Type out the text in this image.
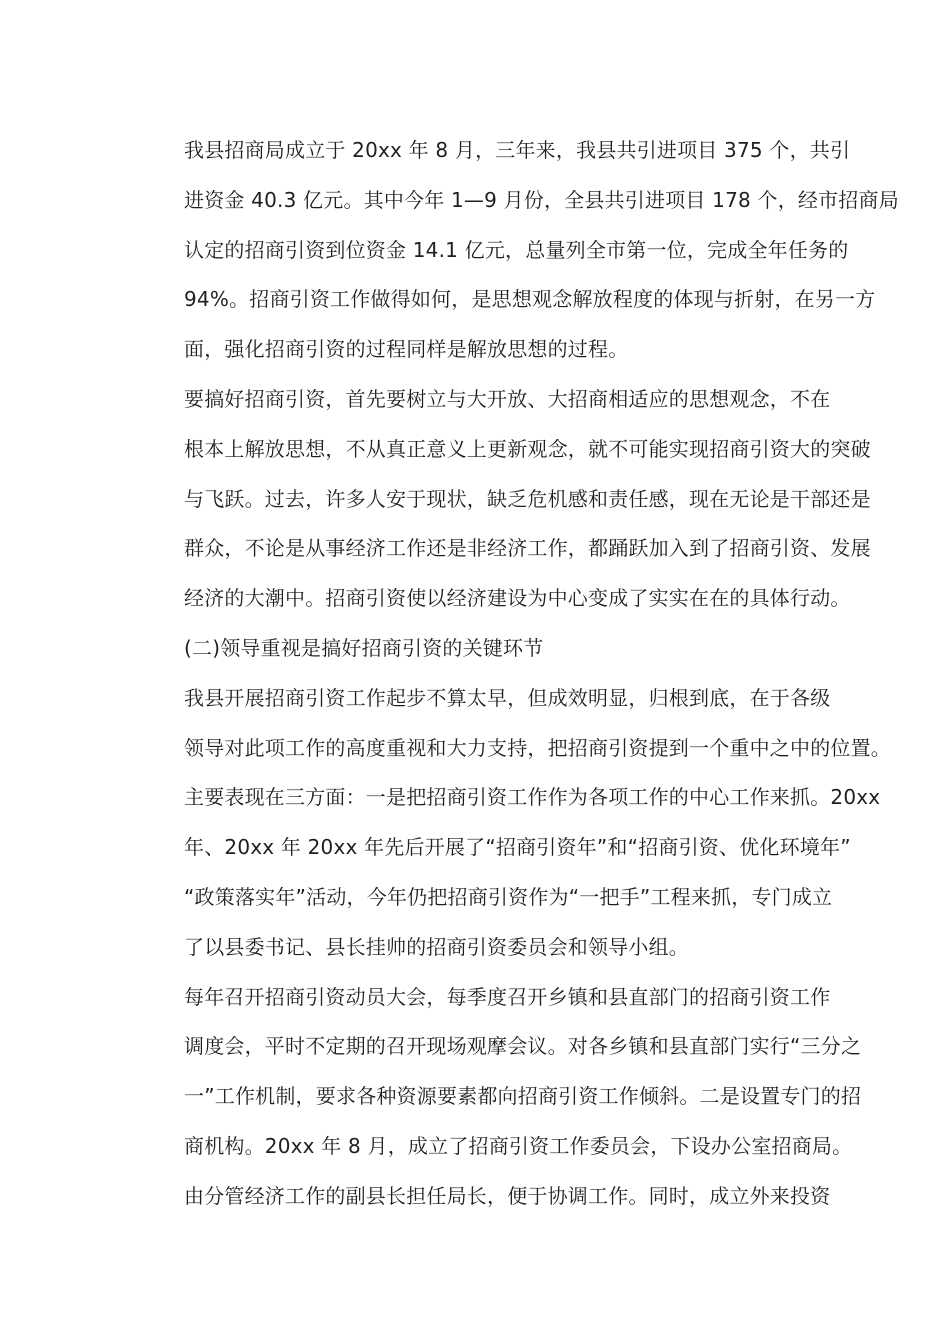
我县招商局成立于 20xx 年 8 月，三年来，我县共引进项目 375 个，共引
进资金 40.3 亿元。其中今年 1—9 月份，全县共引进项目 178 个，经市招商局
认定的招商引资到位资金 14.1 亿元，总量列全市第一位，完成全年任务的
94%。招商引资工作做得如何，是思想观念解放程度的体现与折射，在另一方
面，强化招商引资的过程同样是解放思想的过程。

要搞好招商引资，首先要树立与大开放、大招商相适应的思想观念，不在
根本上解放思想，不从真正意义上更新观念，就不可能实现招商引资大的突破
与飞跃。过去，许多人安于现状，缺乏危机感和责任感，现在无论是干部还是
群众，不论是从事经济工作还是非经济工作，都踊跃加入到了招商引资、发展
经济的大潮中。招商引资使以经济建设为中心变成了实实在在的具体行动。

(二)领导重视是搞好招商引资的关键环节

我县开展招商引资工作起步不算太早，但成效明显，归根到底，在于各级
领导对此项工作的高度重视和大力支持，把招商引资提到一个重中之中的位置。
主要表现在三方面：一是把招商引资工作作为各项工作的中心工作来抓。20xx
年、20xx 年 20xx 年先后开展了“招商引资年”和“招商引资、优化环境年”
“政策落实年”活动，今年仍把招商引资作为“一把手”工程来抓，专门成立
了以县委书记、县长挂帅的招商引资委员会和领导小组。

每年召开招商引资动员大会，每季度召开乡镇和县直部门的招商引资工作
调度会，平时不定期的召开现场观摩会议。对各乡镇和县直部门实行“三分之
一”工作机制，要求各种资源要素都向招商引资工作倾斜。二是设置专门的招
商机构。20xx 年 8 月，成立了招商引资工作委员会，下设办公室招商局。

由分管经济工作的副县长担任局长，便于协调工作。同时，成立外来投资
